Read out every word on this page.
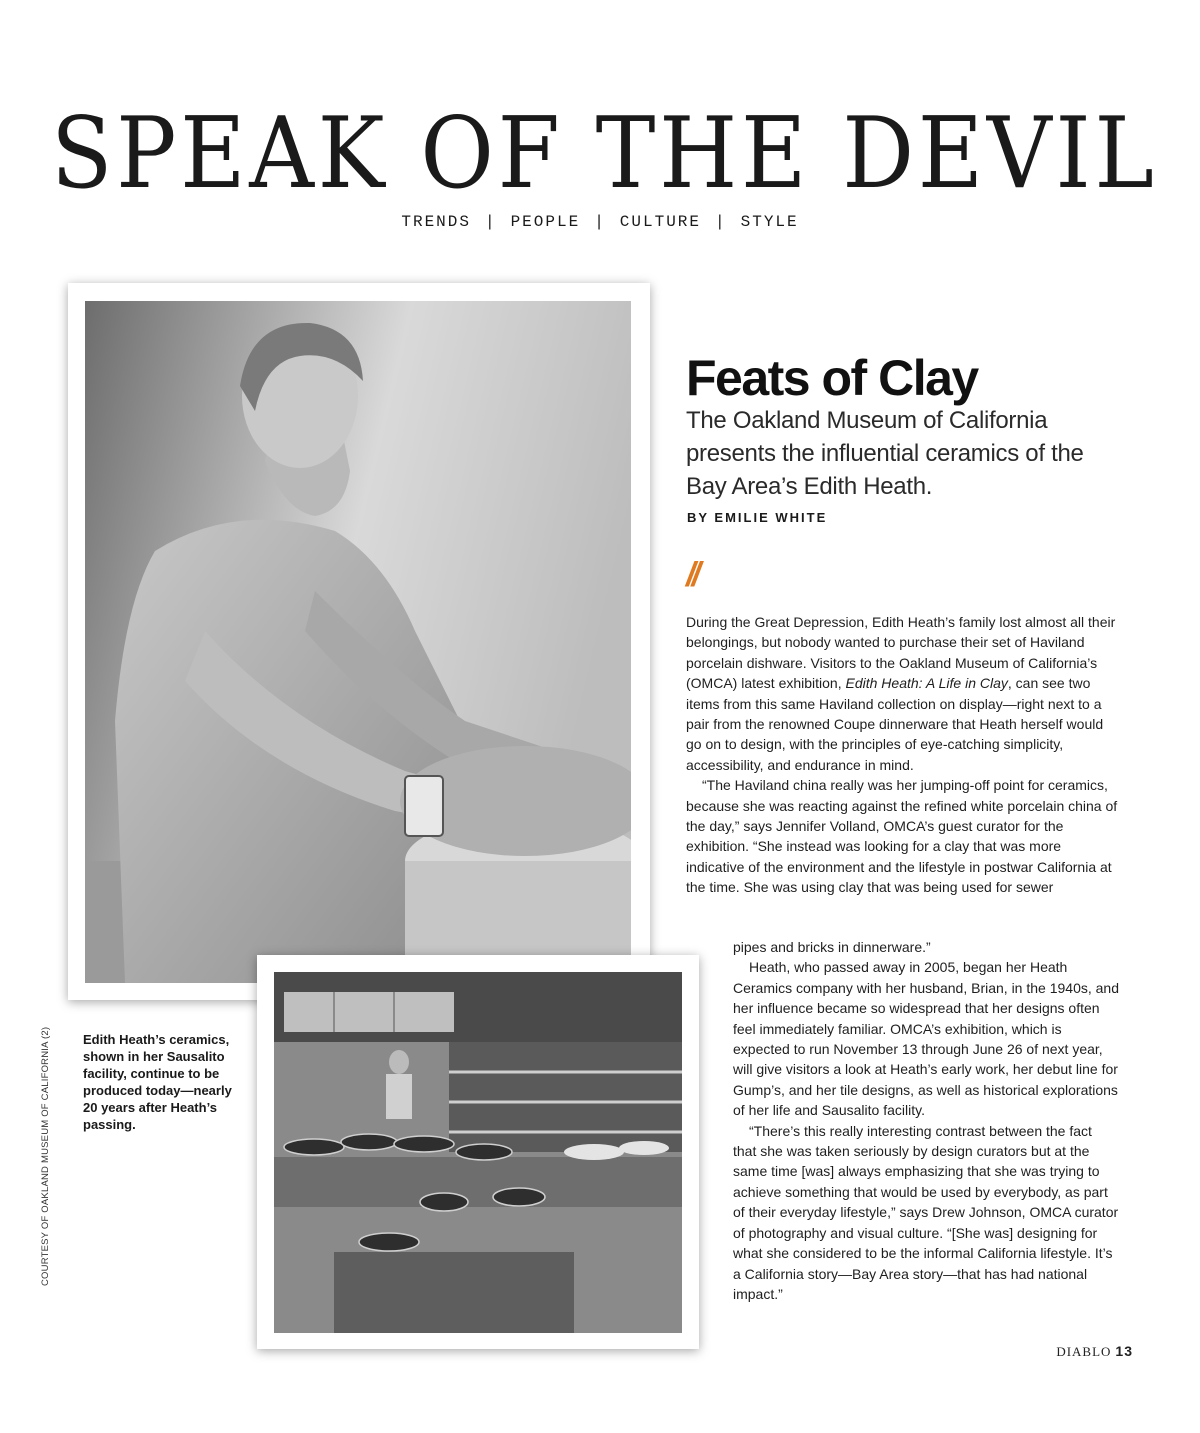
SPEAK OF THE DEVIL
TRENDS | PEOPLE | CULTURE | STYLE
Edith Heath’s ceramics, shown in her Sausalito facility, continue to be produced today—nearly 20 years after Heath’s passing.
COURTESY OF OAKLAND MUSEUM OF CALIFORNIA (2)
Feats of Clay
The Oakland Museum of California presents the influential ceramics of the Bay Area’s Edith Heath.
BY EMILIE WHITE
//

During the Great Depression, Edith Heath’s family lost almost all their belongings, but nobody wanted to purchase their set of Haviland porcelain dishware. Visitors to the Oakland Museum of California’s (OMCA) latest exhibition, Edith Heath: A Life in Clay, can see two items from this same Haviland collection on display—right next to a pair from the renowned Coupe dinnerware that Heath herself would go on to design, with the principles of eye-catching simplicity, accessibility, and endurance in mind.

“The Haviland china really was her jumping-off point for ceramics, because she was reacting against the refined white porcelain china of the day,” says Jennifer Volland, OMCA’s guest curator for the exhibition. “She instead was looking for a clay that was more indicative of the environment and the lifestyle in postwar California at the time. She was using clay that was being used for sewer

pipes and bricks in dinnerware.”

Heath, who passed away in 2005, began her Heath Ceramics company with her husband, Brian, in the 1940s, and her influence became so widespread that her designs often feel immediately familiar. OMCA’s exhibition, which is expected to run November 13 through June 26 of next year, will give visitors a look at Heath’s early work, her debut line for Gump’s, and her tile designs, as well as historical explorations of her life and Sausalito facility.

“There’s this really interesting contrast between the fact that she was taken seriously by design curators but at the same time [was] always emphasizing that she was trying to achieve something that would be used by everybody, as part of their everyday lifestyle,” says Drew Johnson, OMCA curator of photography and visual culture. “[She was] designing for what she considered to be the informal California lifestyle. It’s a California story—Bay Area story—that has had national impact.”

DIABLO 13
